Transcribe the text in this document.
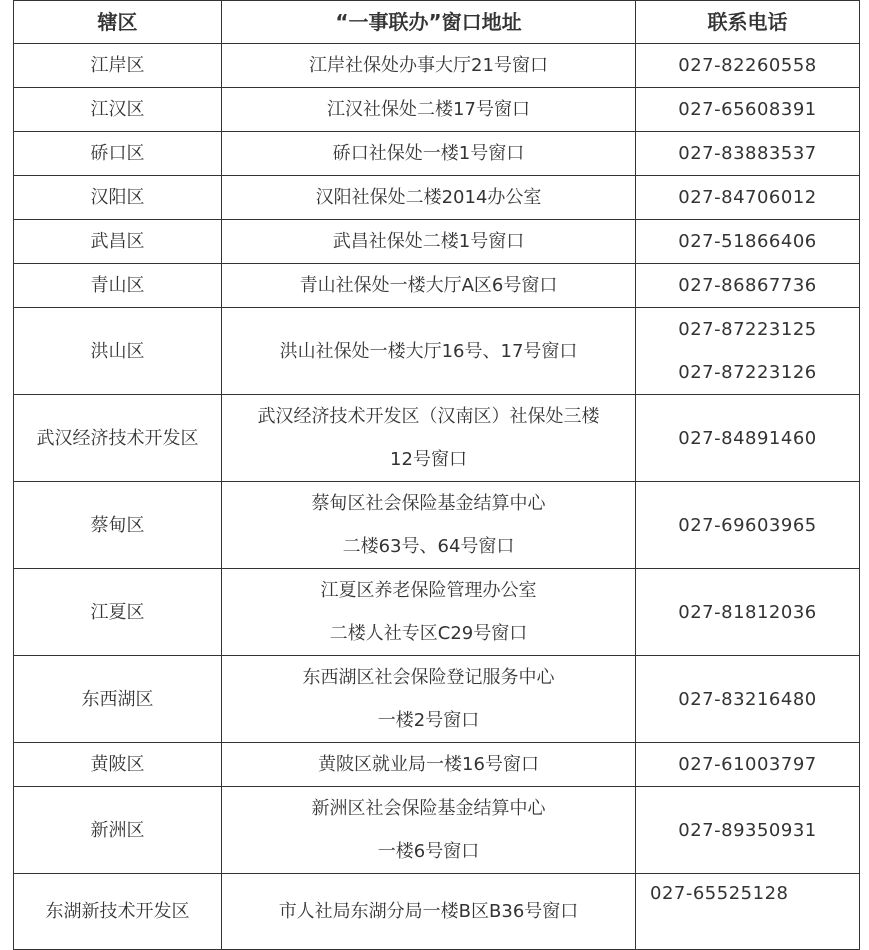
辖区	“一事联办”窗口地址	联系电话
江岸区	江岸社保处办事大厅21号窗口	027-82260558
江汉区	江汉社保处二楼17号窗口	027-65608391
硚口区	硚口社保处一楼1号窗口	027-83883537
汉阳区	汉阳社保处二楼2014办公室	027-84706012
武昌区	武昌社保处二楼1号窗口	027-51866406
青山区	青山社保处一楼大厅A区6号窗口	027-86867736
洪山区	洪山社保处一楼大厅16号、17号窗口	027-87223125
027-87223126

武汉经济技术开发区	武汉经济技术开发区（汉南区）社保处三楼
12号窗口	027-84891460
蔡甸区	蔡甸区社会保险基金结算中心
二楼63号、64号窗口	027-69603965
江夏区	江夏区养老保险管理办公室
二楼人社专区C29号窗口	027-81812036
东西湖区	东西湖区社会保险登记服务中心
一楼2号窗口	027-83216480
黄陂区	黄陂区就业局一楼16号窗口	027-61003797
新洲区	新洲区社会保险基金结算中心
一楼6号窗口	027-89350931
东湖新技术开发区	市人社局东湖分局一楼B区B36号窗口	027-65525128
